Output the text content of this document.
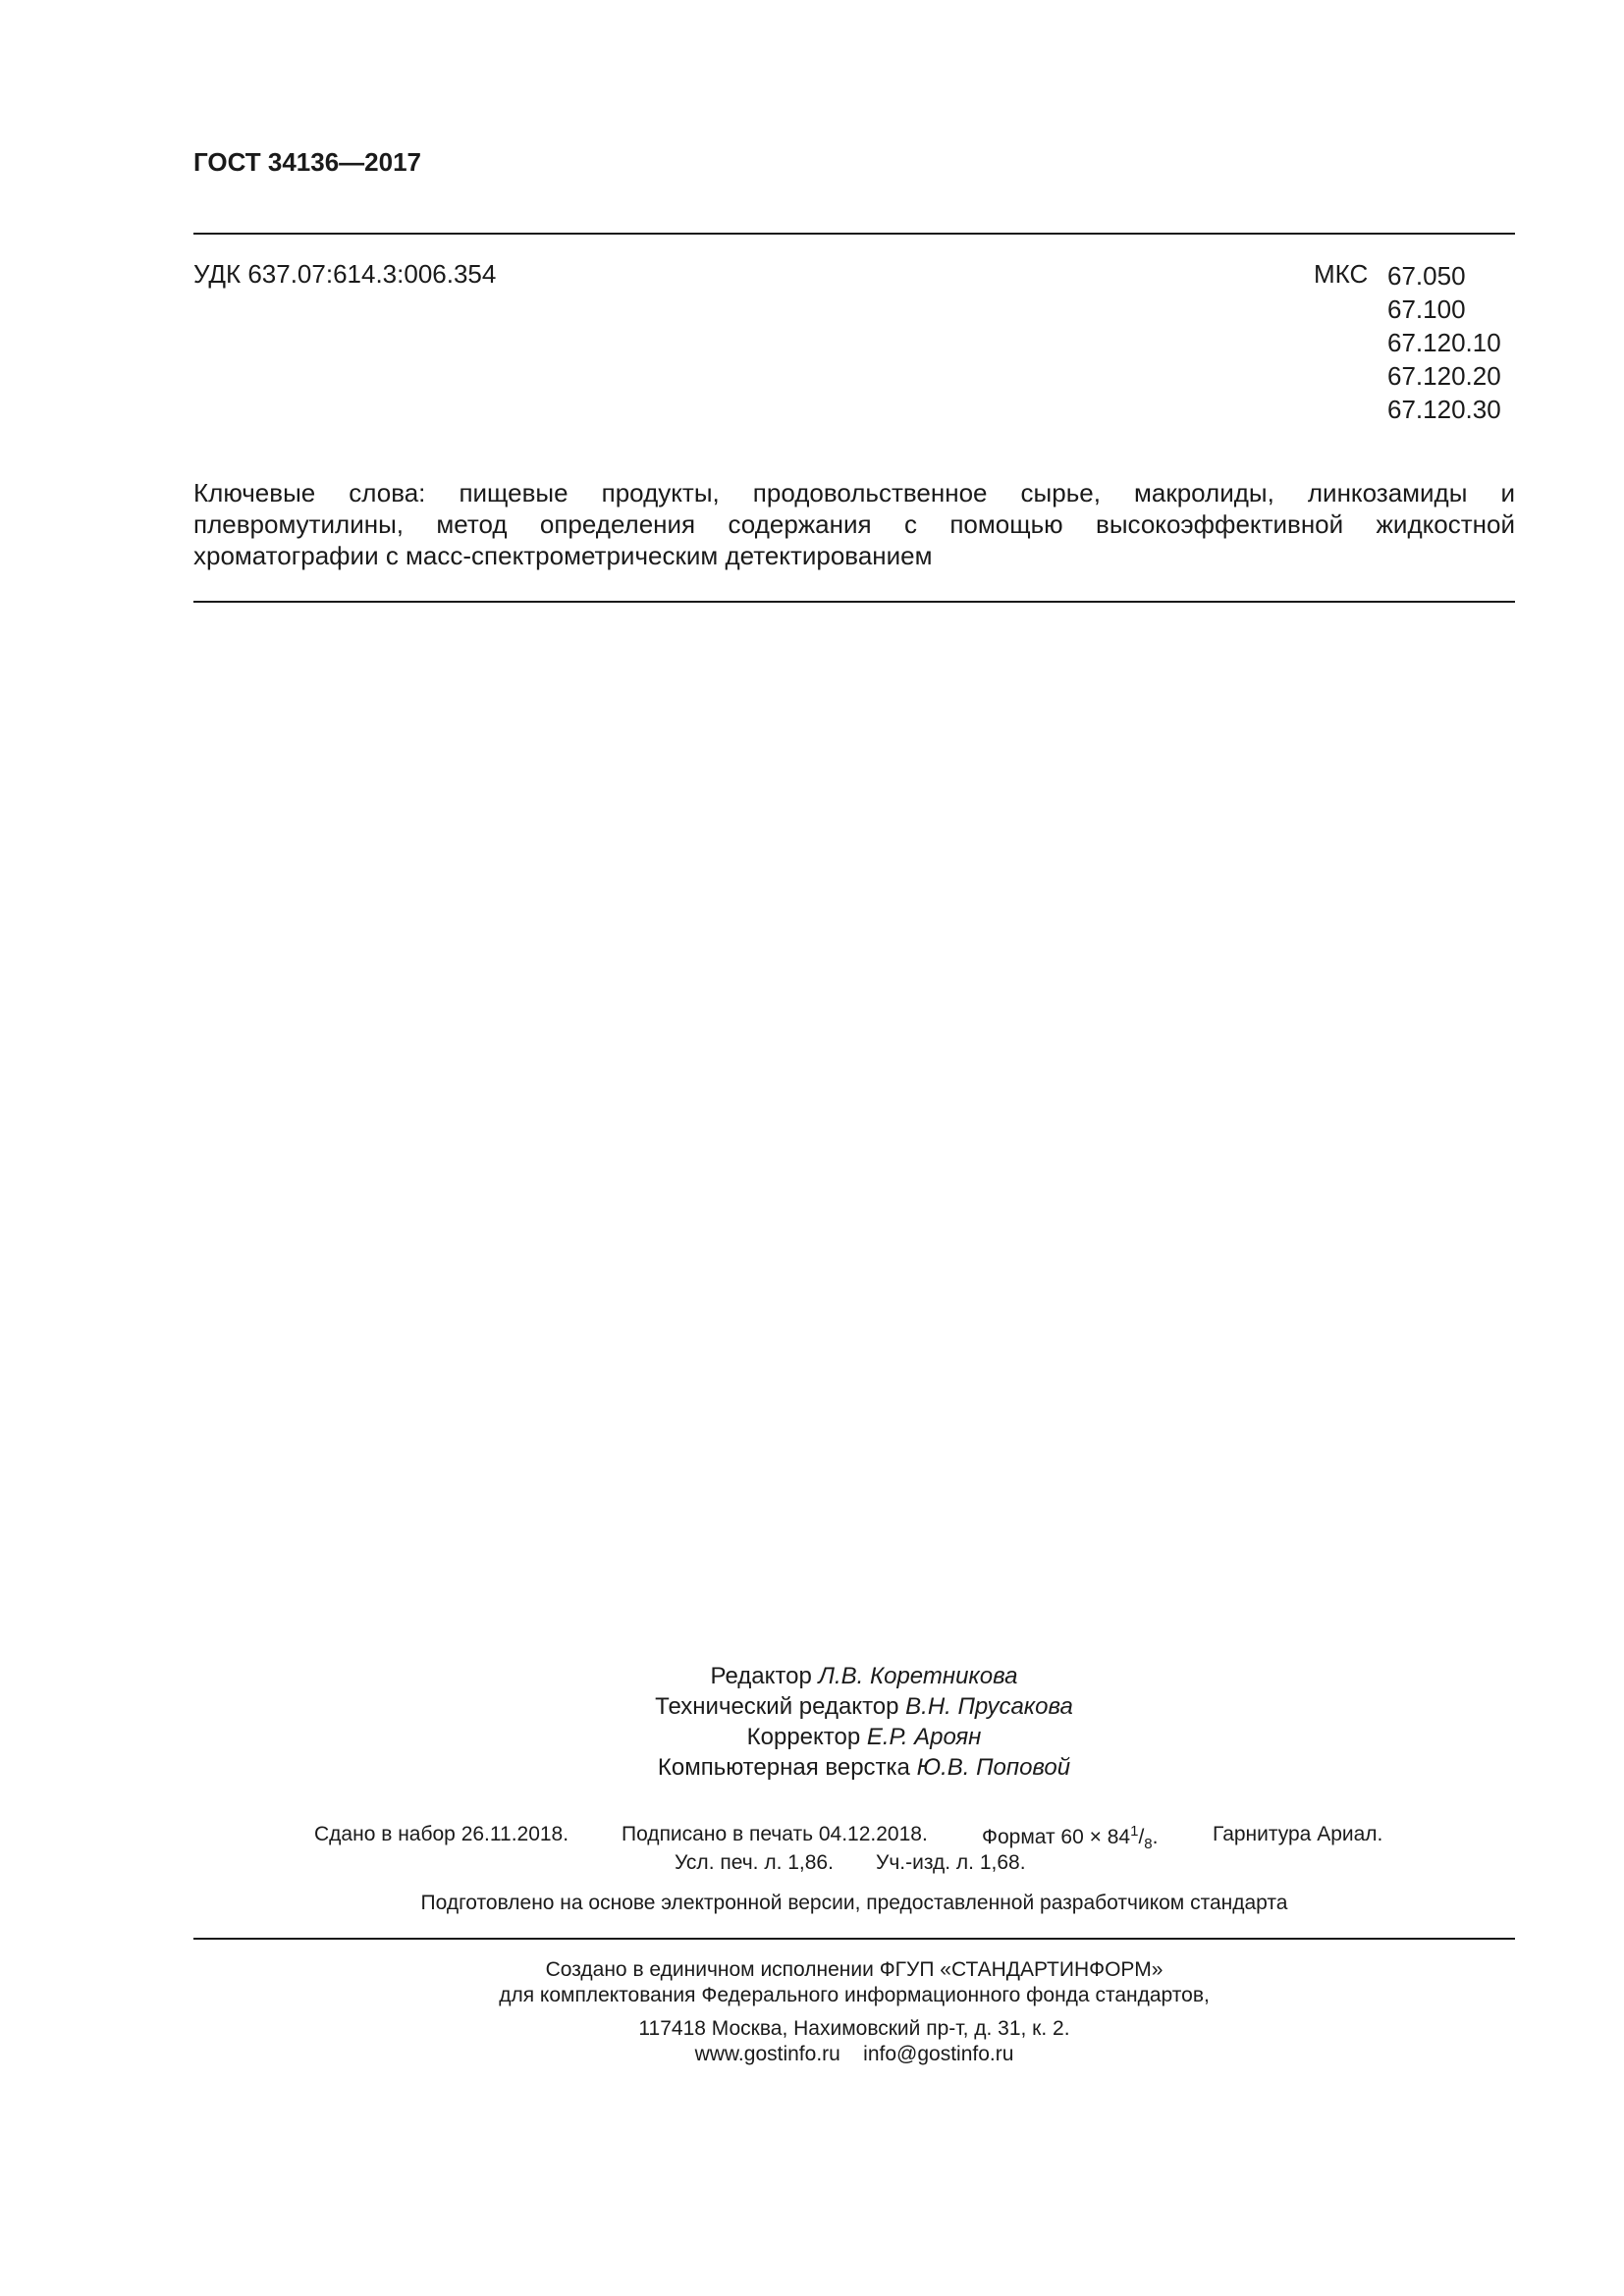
ГОСТ 34136—2017
УДК 637.07:614.3:006.354	МКС 67.050
67.100
67.120.10
67.120.20
67.120.30
Ключевые слова: пищевые продукты, продовольственное сырье, макролиды, линкозамиды и плевромутилины, метод определения содержания с помощью высокоэффективной жидкостной хроматографии с масс-спектрометрическим детектированием
Редактор Л.В. Коретникова
Технический редактор В.Н. Прусакова
Корректор Е.Р. Ароян
Компьютерная верстка Ю.В. Поповой
Сдано в набор 26.11.2018.	Подписано в печать 04.12.2018.	Формат $60 \times 84^1/_8$.	Гарнитура Ариал.
Усл. печ. л. 1,86. Уч.-изд. л. 1,68.
Подготовлено на основе электронной версии, предоставленной разработчиком стандарта
Создано в единичном исполнении ФГУП «СТАНДАРТИНФОРМ»
для комплектования Федерального информационного фонда стандартов,
117418 Москва, Нахимовский пр-т, д. 31, к. 2.
www.gostinfo.ru info@gostinfo.ru
